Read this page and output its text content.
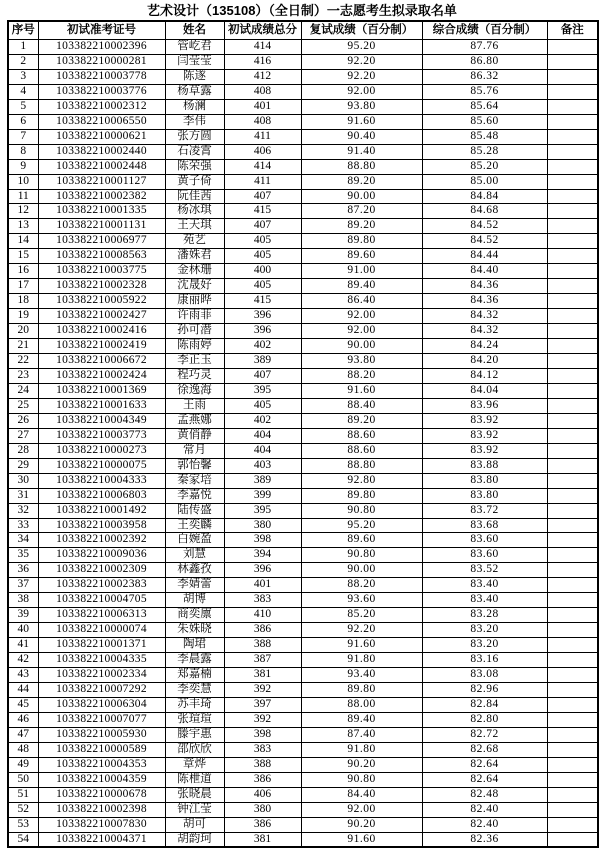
艺术设计（135108）（全日制）一志愿考生拟录取名单
序号	初试准考证号	姓名	初试成绩总分	复试成绩（百分制）	综合成绩（百分制）	备注
1	103382210002396	管屹君	414	95.20	87.76	
2	103382210000281	闫莹莹	416	92.20	86.80	
3	103382210003778	陈遂	412	92.20	86.32	
4	103382210003776	杨草露	408	92.00	85.76	
5	103382210002312	杨澜	401	93.80	85.64	
6	103382210006550	李伟	408	91.60	85.60	
7	103382210000621	张方圆	411	90.40	85.48	
8	103382210002440	石凌霄	406	91.40	85.28	
9	103382210002448	陈荣强	414	88.80	85.20	
10	103382210001127	黄子倚	411	89.20	85.00	
11	103382210002382	阮佳茜	407	90.00	84.84	
12	103382210001335	杨冰琪	415	87.20	84.68	
13	103382210001131	王天琪	407	89.20	84.52	
14	103382210006977	苑艺	405	89.80	84.52	
15	103382210008563	潘姝君	405	89.60	84.44	
16	103382210003775	金林珊	400	91.00	84.40	
17	103382210002328	沈晟好	405	89.40	84.36	
18	103382210005922	康丽晔	415	86.40	84.36	
19	103382210002427	许雨菲	396	92.00	84.32	
20	103382210002416	孙可潜	396	92.00	84.32	
21	103382210002419	陈雨婷	402	90.00	84.24	
22	103382210006672	李正玉	389	93.80	84.20	
23	103382210002424	程巧灵	407	88.20	84.12	
24	103382210001369	徐逸海	395	91.60	84.04	
25	103382210001633	王雨	405	88.40	83.96	
26	103382210004349	孟燕娜	402	89.20	83.92	
27	103382210003773	黄俏静	404	88.60	83.92	
28	103382210000273	常月	404	88.60	83.92	
29	103382210000075	郭怡馨	403	88.80	83.88	
30	103382210004333	秦家培	389	92.80	83.80	
31	103382210006803	李嘉悦	399	89.80	83.80	
32	103382210001492	陆传盛	395	90.80	83.72	
33	103382210003958	王奕麟	380	95.20	83.68	
34	103382210002392	白婉盈	398	89.60	83.60	
35	103382210009036	刘慧	394	90.80	83.60	
36	103382210002309	林鑫孜	396	90.00	83.52	
37	103382210002383	李婧蕾	401	88.20	83.40	
38	103382210004705	胡博	383	93.60	83.40	
39	103382210006313	商奕廪	410	85.20	83.28	
40	103382210000074	朱姝晓	386	92.20	83.20	
41	103382210001371	陶珺	388	91.60	83.20	
42	103382210004335	李晨露	387	91.80	83.16	
43	103382210002334	郑嘉楠	381	93.40	83.08	
44	103382210007292	李奕慧	392	89.80	82.96	
45	103382210006304	苏丰琦	397	88.00	82.84	
46	103382210007077	张瑄瑄	392	89.40	82.80	
47	103382210005930	滕宇惠	398	87.40	82.72	
48	103382210000589	邵欣欣	383	91.80	82.68	
49	103382210004353	章烨	388	90.20	82.64	
50	103382210004359	陈枻道	386	90.80	82.64	
51	103382210000678	张晓晨	406	84.40	82.48	
52	103382210002398	钟江莹	380	92.00	82.40	
53	103382210007830	胡可	386	90.20	82.40	
54	103382210004371	胡韵珂	381	91.60	82.36	
